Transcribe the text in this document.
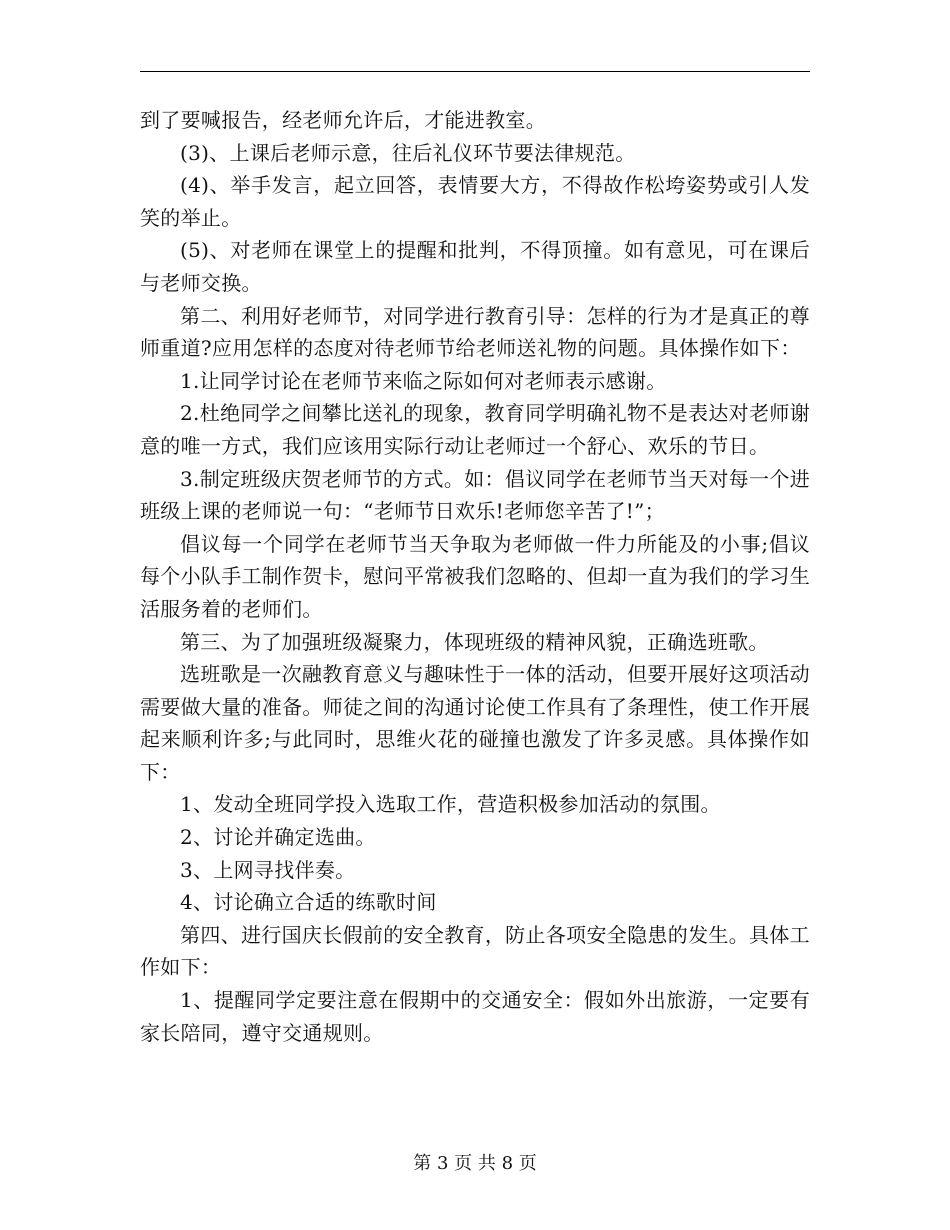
到了要喊报告，经老师允许后，才能进教室。

(3)、上课后老师示意，往后礼仪环节要法律规范。

(4)、举手发言，起立回答，表情要大方，不得故作松垮姿势或引人发笑的举止。

(5)、对老师在课堂上的提醒和批判，不得顶撞。如有意见，可在课后与老师交换。

第二、利用好老师节，对同学进行教育引导：怎样的行为才是真正的尊师重道?应用怎样的态度对待老师节给老师送礼物的问题。具体操作如下：

1.让同学讨论在老师节来临之际如何对老师表示感谢。

2.杜绝同学之间攀比送礼的现象，教育同学明确礼物不是表达对老师谢意的唯一方式，我们应该用实际行动让老师过一个舒心、欢乐的节日。

3.制定班级庆贺老师节的方式。如：倡议同学在老师节当天对每一个进班级上课的老师说一句：“老师节日欢乐!老师您辛苦了!”；

倡议每一个同学在老师节当天争取为老师做一件力所能及的小事;倡议每个小队手工制作贺卡，慰问平常被我们忽略的、但却一直为我们的学习生活服务着的老师们。

第三、为了加强班级凝聚力，体现班级的精神风貌，正确选班歌。

选班歌是一次融教育意义与趣味性于一体的活动，但要开展好这项活动需要做大量的准备。师徒之间的沟通讨论使工作具有了条理性，使工作开展起来顺利许多;与此同时，思维火花的碰撞也激发了许多灵感。具体操作如下：

1、发动全班同学投入选取工作，营造积极参加活动的氛围。

2、讨论并确定选曲。

3、上网寻找伴奏。

4、讨论确立合适的练歌时间

第四、进行国庆长假前的安全教育，防止各项安全隐患的发生。具体工作如下：

1、提醒同学定要注意在假期中的交通安全：假如外出旅游，一定要有家长陪同，遵守交通规则。

第 3 页 共 8 页
